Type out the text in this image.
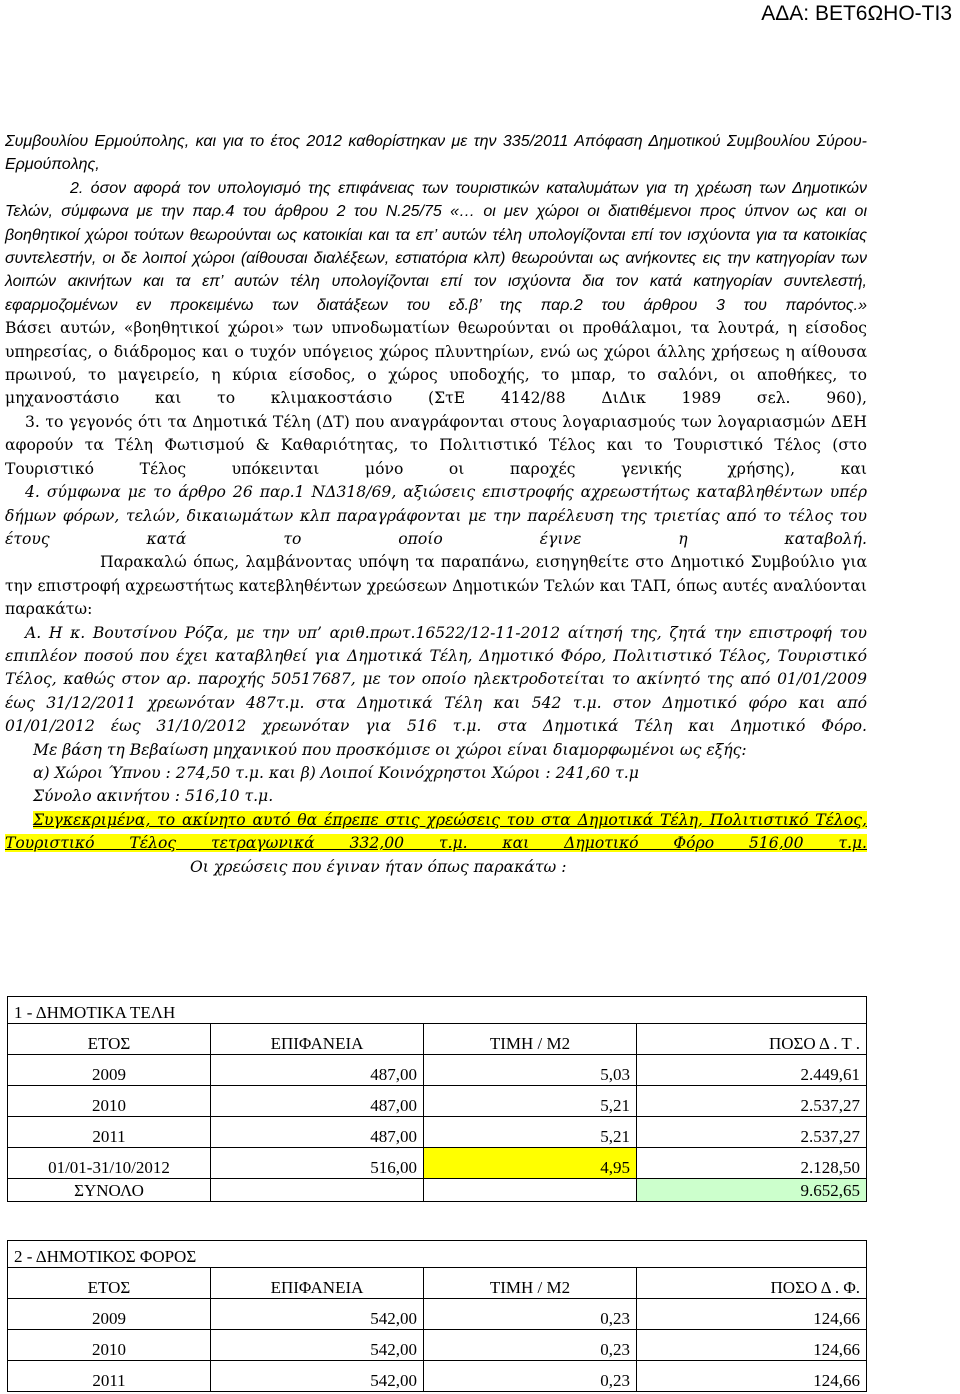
ΑΔΑ: ΒΕΤ6ΩΗΟ-ΤΙ3

Συμβουλίου Ερμούπολης, και για το έτος 2012 καθορίστηκαν με την 335/2011 Απόφαση Δημοτικού Συμβουλίου Σύρου-Ερμούπολης,

2. όσον αφορά τον υπολογισμό της επιφάνειας των τουριστικών καταλυμάτων για τη χρέωση των Δημοτικών Τελών, σύμφωνα με την παρ.4 του άρθρου 2 του Ν.25/75 «… οι μεν χώροι οι διατιθέμενοι προς ύπνον ως και οι βοηθητικοί χώροι τούτων θεωρούνται ως κατοικίαι και τα επ’ αυτών τέλη υπολογίζονται επί τον ισχύοντα για τα κατοικίας συντελεστήν, οι δε λοιποί χώροι (αίθουσαι διαλέξεων, εστιατόρια κλπ) θεωρούνται ως ανήκοντες εις την κατηγορίαν των λοιπών ακινήτων και τα επ’ αυτών τέλη υπολογίζονται επί τον ισχύοντα δια τον κατά κατηγορίαν συντελεστή, εφαρμοζομένων εν προκειμένω των διατάξεων του εδ.β’ της παρ.2 του άρθρου 3 του παρόντος.»

Βάσει αυτών, «βοηθητικοί χώροι» των υπνοδωματίων θεωρούνται οι προθάλαμοι, τα λουτρά, η είσοδος υπηρεσίας, ο διάδρομος και ο τυχόν υπόγειος χώρος πλυντηρίων, ενώ ως χώροι άλλης χρήσεως η αίθουσα πρωινού, το μαγειρείο, η κύρια είσοδος, ο χώρος υποδοχής, το μπαρ, το σαλόνι, οι αποθήκες, το μηχανοστάσιο και το κλιμακοστάσιο (ΣτΕ 4142/88 ΔιΔικ 1989 σελ. 960),

3. το γεγονός ότι τα Δημοτικά Τέλη (ΔΤ) που αναγράφονται στους λογαριασμούς των λογαριασμών ΔΕΗ αφορούν τα Τέλη Φωτισμού & Καθαριότητας, το Πολιτιστικό Τέλος και το Τουριστικό Τέλος (στο Τουριστικό Τέλος υπόκεινται μόνο οι παροχές γενικής χρήσης), και

4. σύμφωνα με το άρθρο 26 παρ.1 ΝΔ318/69, αξιώσεις επιστροφής αχρεωστήτως καταβληθέντων υπέρ δήμων φόρων, τελών, δικαιωμάτων κλπ παραγράφονται με την παρέλευση της τριετίας από το τέλος του έτους κατά το οποίο έγινε η καταβολή.

Παρακαλώ όπως, λαμβάνοντας υπόψη τα παραπάνω, εισηγηθείτε στο Δημοτικό Συμβούλιο για την επιστροφή αχρεωστήτως κατεβληθέντων χρεώσεων Δημοτικών Τελών και ΤΑΠ, όπως αυτές αναλύονται παρακάτω:

Α. Η κ. Βουτσίνου Ρόζα, με την υπ’ αριθ.πρωτ.16522/12-11-2012 αίτησή της, ζητά την επιστροφή του επιπλέον ποσού που έχει καταβληθεί για Δημοτικά Τέλη, Δημοτικό Φόρο, Πολιτιστικό Τέλος, Τουριστικό Τέλος, καθώς στον αρ. παροχής 50517687, με τον οποίο ηλεκτροδοτείται το ακίνητό της από 01/01/2009 έως 31/12/2011 χρεωνόταν 487τ.μ. στα Δημοτικά Τέλη και 542 τ.μ. στον Δημοτικό φόρο και από 01/01/2012 έως 31/10/2012 χρεωνόταν για 516 τ.μ. στα Δημοτικά Τέλη και Δημοτικό Φόρο.

Με βάση τη Βεβαίωση μηχανικού που προσκόμισε οι χώροι είναι διαμορφωμένοι ως εξής:

α) Χώροι Ύπνου : 274,50 τ.μ. και β) Λοιποί Κοινόχρηστοι Χώροι : 241,60 τ.μ

Σύνολο ακινήτου : 516,10 τ.μ.

Συγκεκριμένα, το ακίνητο αυτό θα έπρεπε στις χρεώσεις του στα Δημοτικά Τέλη, Πολιτιστικό Τέλος, Τουριστικό Τέλος τετραγωνικά 332,00 τ.μ. και Δημοτικό Φόρο 516,00 τ.μ.

Οι χρεώσεις που έγιναν ήταν όπως παρακάτω :

1 - ΔΗΜΟΤΙΚΑ ΤΕΛΗ			
ΕΤΟΣ	ΕΠΙΦΑΝΕΙΑ	ΤΙΜΗ / Μ2	ΠΟΣΟ Δ . Τ .
2009	487,00	5,03	2.449,61
2010	487,00	5,21	2.537,27
2011	487,00	5,21	2.537,27
01/01-31/10/2012	516,00	4,95	2.128,50
ΣΥΝΟΛΟ			9.652,65
2 - ΔΗΜΟΤΙΚΟΣ ΦΟΡΟΣ			
ΕΤΟΣ	ΕΠΙΦΑΝΕΙΑ	ΤΙΜΗ / Μ2	ΠΟΣΟ Δ . Φ.
2009	542,00	0,23	124,66
2010	542,00	0,23	124,66
2011	542,00	0,23	124,66
